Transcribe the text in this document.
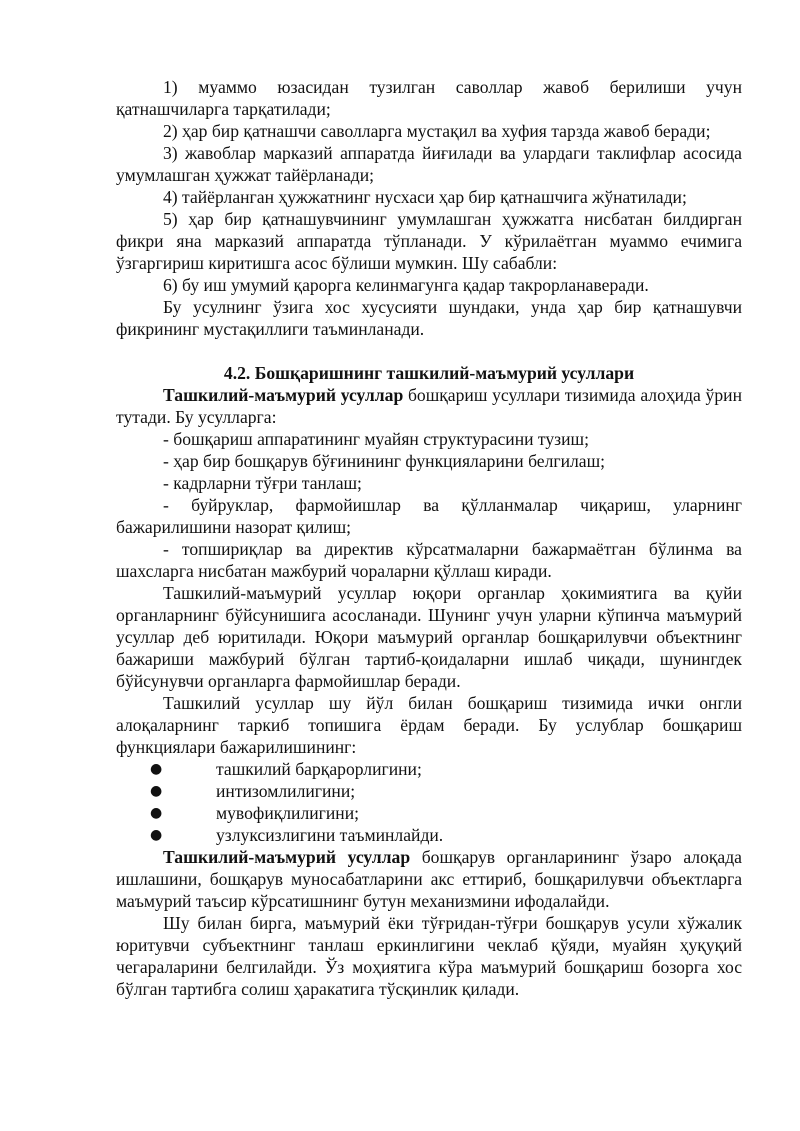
1) муаммо юзасидан тузилган саволлар жавоб берилиши учун қатнашчиларга тарқатилади;

2) ҳар бир қатнашчи саволларга мустақил ва хуфия тарзда жавоб беради;

3) жавоблар марказий аппаратда йиғилади ва улардаги таклифлар асосида умумлашган ҳужжат тайёрланади;

4) тайёрланган ҳужжатнинг нусхаси ҳар бир қатнашчига жўнатилади;

5) ҳар бир қатнашувчининг умумлашган ҳужжатга нисбатан билдирган фикри яна марказий аппаратда тўпланади. У кўрилаётган муаммо ечимига ўзгаргириш киритишга асос бўлиши мумкин. Шу сабабли:

6) бу иш умумий қарорга келинмагунга қадар такрорланаверади.

Бу усулнинг ўзига хос хусусияти шундаки, унда ҳар бир қатнашувчи фикрининг мустақиллиги таъминланади.

4.2. Бошқаришнинг ташкилий-маъмурий усуллари

Ташкилий-маъмурий усуллар бошқариш усуллари тизимида алоҳида ўрин тутади. Бу усулларга:

- бошқариш аппаратининг муайян структурасини тузиш;

- ҳар бир бошқарув бўғинининг функцияларини белгилаш;

- кадрларни тўғри танлаш;

- буйруклар, фармойишлар ва қўлланмалар чиқариш, уларнинг бажарилишини назорат қилиш;

- топшириқлар ва директив кўрсатмаларни бажармаётган бўлинма ва шахсларга нисбатан мажбурий чораларни қўллаш киради.

Ташкилий-маъмурий усуллар юқори органлар ҳокимиятига ва қуйи органларнинг бўйсунишига асосланади. Шунинг учун уларни кўпинча маъмурий усуллар деб юритилади. Юқори маъмурий органлар бошқарилувчи объектнинг бажариши мажбурий бўлган тартиб-қоидаларни ишлаб чиқади, шунингдек бўйсунувчи органларга фармойишлар беради.

Ташкилий усуллар шу йўл билан бошқариш тизимида ички онгли алоқаларнинг таркиб топишига ёрдам беради. Бу услублар бошқариш функциялари бажарилишининг:

●	ташкилий барқарорлигини;
●	интизомлилигини;
●	мувофиқлилигини;
●	узлуксизлигини таъминлайди.

Ташкилий-маъмурий усуллар бошқарув органларининг ўзаро алоқада ишлашини, бошқарув муносабатларини акс еттириб, бошқарилувчи объектларга маъмурий таъсир кўрсатишнинг бутун механизмини ифодалайди.

Шу билан бирга, маъмурий ёки тўғридан-тўғри бошқарув усули хўжалик юритувчи субъектнинг танлаш еркинлигини чеклаб қўяди, муайян ҳуқуқий чегараларини белгилайди. Ўз моҳиятига кўра маъмурий бошқариш бозорга хос бўлган тартибга солиш ҳаракатига тўсқинлик қилади.
